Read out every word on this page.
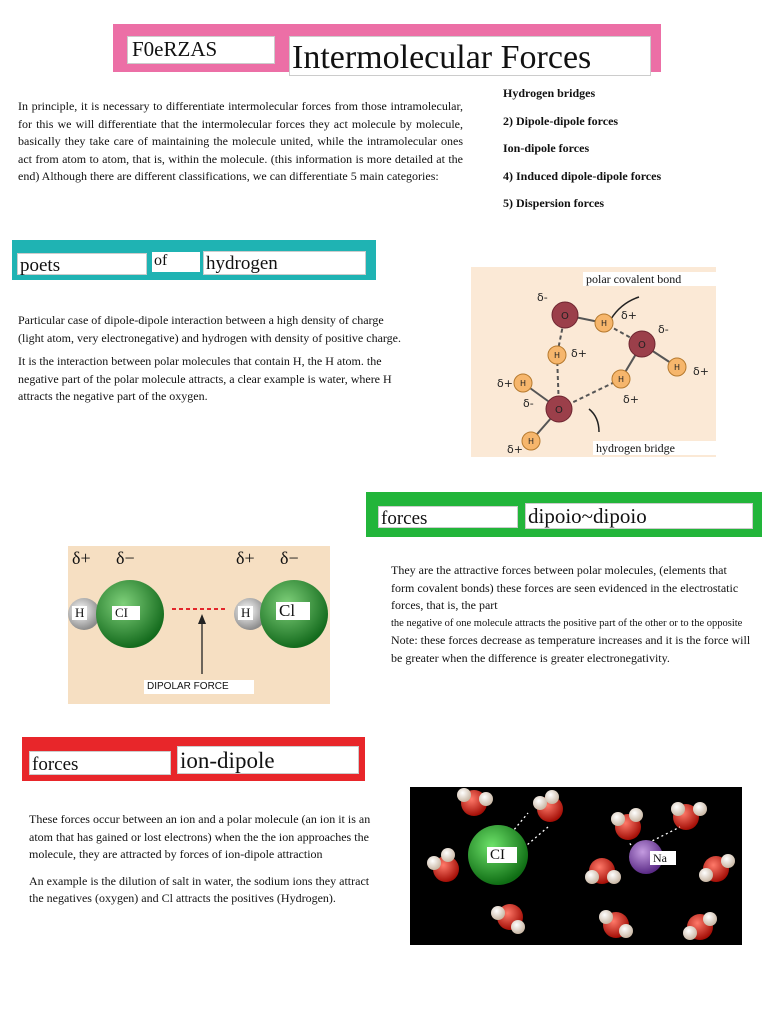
F0eRZAS	Intermolecular Forces
In principle, it is necessary to differentiate intermolecular forces from those intramolecular, for this we will differentiate that the intermolecular forces they act molecule by molecule, basically they take care of maintaining the molecule united, while the intramolecular ones act from atom to atom, that is, within the molecule. (this information is more detailed at the end) Although there are different classifications, we can differentiate 5 main categories:
Hydrogen bridges
2) Dipole-dipole forces
Ion-dipole forces
4) Induced dipole-dipole forces
5) Dispersion forces
poets	of	hydrogen

Particular case of dipole-dipole interaction between a high density of charge (light atom, very electronegative) and hydrogen with density of positive charge.

It is the interaction between polar molecules that contain H, the H atom. the negative part of the polar molecule attracts, a clear example is water, where H attracts the negative part of the oxygen.

O
O
O
H
H
H
H
H
H
δ-
δ-
δ-
δ+
δ+
δ+
δ+
δ+
δ+
polar covalent bond
hydrogen bridge
forces	dipoio~dipoio
δ+ δ−	δ+ δ−
H CI	H Cl
DIPOLAR FORCE
They are the attractive forces between polar molecules, (elements that form covalent bonds) these forces are seen evidenced in the electrostatic forces, that is, the part
the negative of one molecule attracts the positive part of the other or to the opposite
Note: these forces decrease as temperature increases and it is the force will be greater when the difference is greater electronegativity.
forces	ion-dipole

These forces occur between an ion and a polar molecule (an ion it is an atom that has gained or lost electrons) when the the ion approaches the molecule, they are attracted by forces of ion-dipole attraction

An example is the dilution of salt in water, the sodium ions they attract the negatives (oxygen) and Cl attracts the positives (Hydrogen).

CI	Na
